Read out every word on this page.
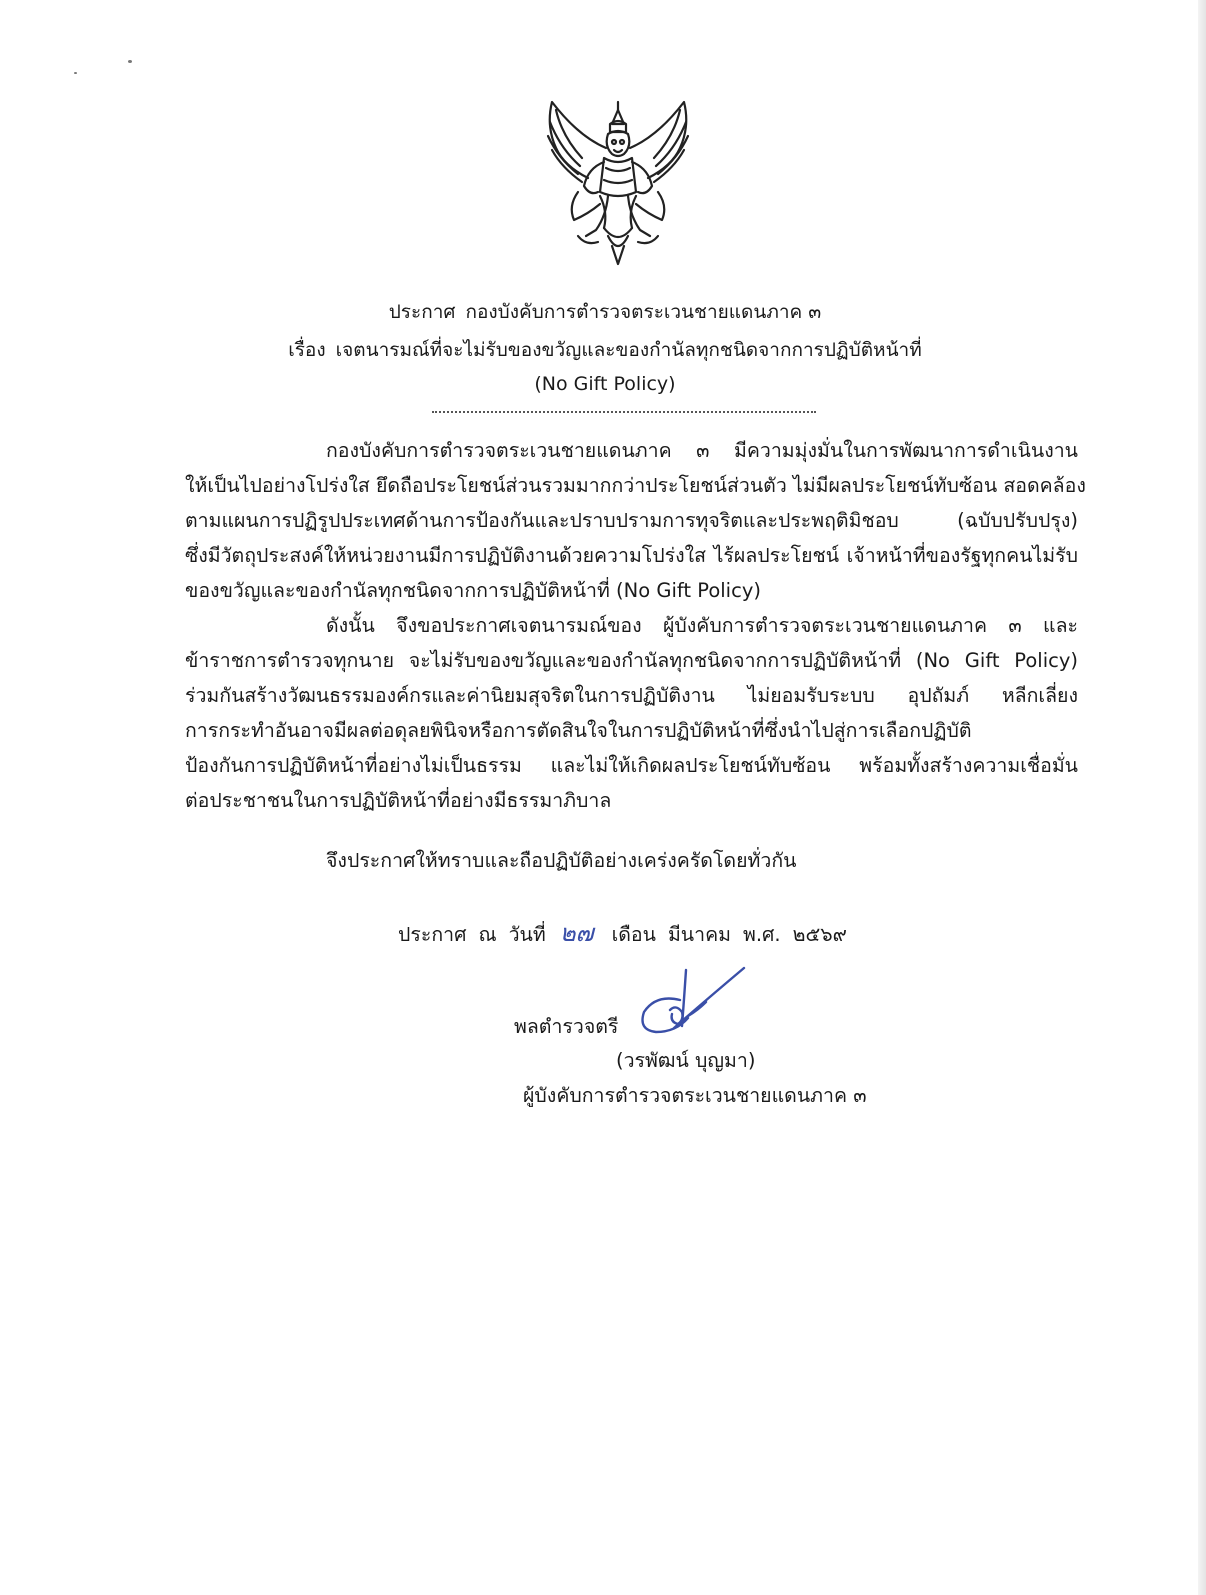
ประกาศ กองบังคับการตำรวจตระเวนชายแดนภาค ๓
เรื่อง เจตนารมณ์ที่จะไม่รับของขวัญและของกำนัลทุกชนิดจากการปฏิบัติหน้าที่
(No Gift Policy)

กองบังคับการตำรวจตระเวนชายแดนภาค ๓ มีความมุ่งมั่นในการพัฒนาการดำเนินงาน

ให้เป็นไปอย่างโปร่งใส ยึดถือประโยชน์ส่วนรวมมากกว่าประโยชน์ส่วนตัว ไม่มีผลประโยชน์ทับซ้อน สอดคล้อง

ตามแผนการปฏิรูปประเทศด้านการป้องกันและปราบปรามการทุจริตและประพฤติมิชอบ (ฉบับปรับปรุง)

ซึ่งมีวัตถุประสงค์ให้หน่วยงานมีการปฏิบัติงานด้วยความโปร่งใส ไร้ผลประโยชน์ เจ้าหน้าที่ของรัฐทุกคนไม่รับ

ของขวัญและของกำนัลทุกชนิดจากการปฏิบัติหน้าที่ (No Gift Policy)

ดังนั้น จึงขอประกาศเจตนารมณ์ของ ผู้บังคับการตำรวจตระเวนชายแดนภาค ๓ และ

ข้าราชการตำรวจทุกนาย จะไม่รับของขวัญและของกำนัลทุกชนิดจากการปฏิบัติหน้าที่ (No Gift Policy)

ร่วมกันสร้างวัฒนธรรมองค์กรและค่านิยมสุจริตในการปฏิบัติงาน ไม่ยอมรับระบบ อุปถัมภ์ หลีกเลี่ยง

การกระทำอันอาจมีผลต่อดุลยพินิจหรือการตัดสินใจในการปฏิบัติหน้าที่ซึ่งนำไปสู่การเลือกปฏิบัติ

ป้องกันการปฏิบัติหน้าที่อย่างไม่เป็นธรรม และไม่ให้เกิดผลประโยชน์ทับซ้อน พร้อมทั้งสร้างความเชื่อมั่น

ต่อประชาชนในการปฏิบัติหน้าที่อย่างมีธรรมาภิบาล

จึงประกาศให้ทราบและถือปฏิบัติอย่างเคร่งครัดโดยทั่วกัน
ประกาศ ณ วันที่ ๒๗ เดือน มีนาคม พ.ศ. ๒๕๖๙
พลตำรวจตรี
(วรพัฒน์ บุญมา)
ผู้บังคับการตำรวจตระเวนชายแดนภาค ๓
